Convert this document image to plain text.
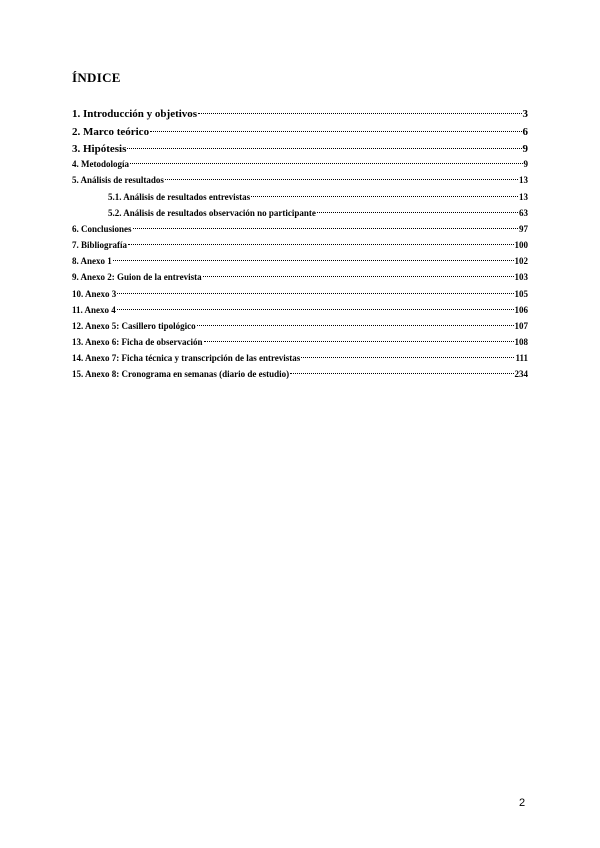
ÍNDICE
1. Introducción y objetivos	3
2. Marco teórico	6
3. Hipótesis	9
4. Metodología	9
5. Análisis de resultados	13
5.1. Análisis de resultados entrevistas	13
5.2. Análisis de resultados observación no participante	63
6. Conclusiones	97
7. Bibliografía	100
8. Anexo 1	102
9. Anexo 2: Guion de la entrevista	103
10. Anexo 3	105
11. Anexo 4	106
12. Anexo 5: Casillero tipológico	107
13. Anexo 6: Ficha de observación	108
14. Anexo 7: Ficha técnica y transcripción de las entrevistas	111
15. Anexo 8: Cronograma en semanas (diario de estudio)	234
2
